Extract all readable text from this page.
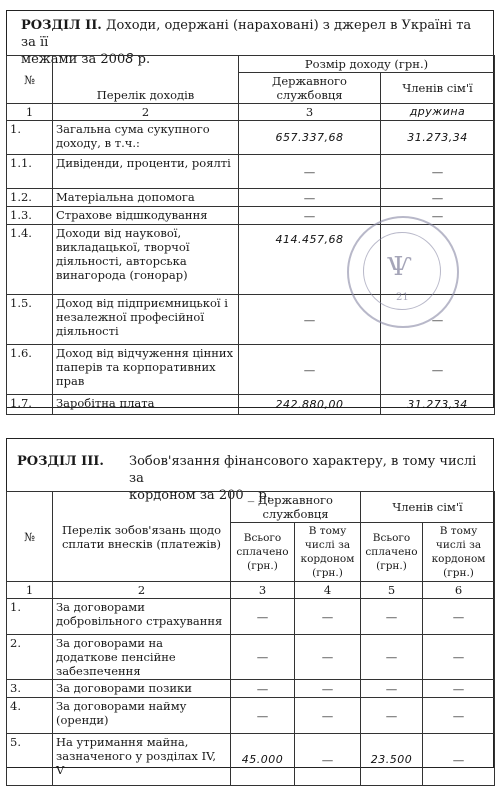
РОЗДІЛ II. Доходи, одержані (нараховані) з джерел в Україні та за її
межами за 2008 р.
№	Перелік доходів	Розмір доходу (грн.)	
		Державного службовця	Членів сім'ї
1	2	3	дружина
1.	Загальна сума сукупного доходу, в т.ч.:	657.337,68	31.273,34
1.1.	Дивіденди, проценти, роялті	—	—
1.2.	Матеріальна допомога	—	—
1.3.	Страхове відшкодування	—	—
1.4.	Доходи від наукової, викладацької, творчої діяльності, авторська винагорода (гонорар)	414.457,68	
1.5.	Доход від підприємницької і незалежної професійної діяльності	—	—
1.6.	Доход від відчуження цінних паперів та корпоративних прав	—	—
1.7.	Заробітна плата	242.880,00	31.273,34
Ѱ
21
РОЗДІЛ III.	Зобов'язання фінансового характеру, в тому числі за
кордоном за 200 _ р.
№	Перелік зобов'язань щодо сплати внесків (платежів)	Державного службовця		Членів сім'ї	
		Всього сплачено (грн.)	В тому числі за кордоном (грн.)	Всього сплачено (грн.)	В тому числі за кордоном (грн.)
1	2	3	4	5	6
1.	За договорами добровільного страхування	—	—	—	—
2.	За договорами на додаткове пенсійне забезпечення	—	—	—	—
3.	За договорами позики	—	—	—	—
4.	За договорами найму (оренди)	—	—	—	—
5.	На утримання майна, зазначеного у розділах IV, V	45.000	—	23.500	—
